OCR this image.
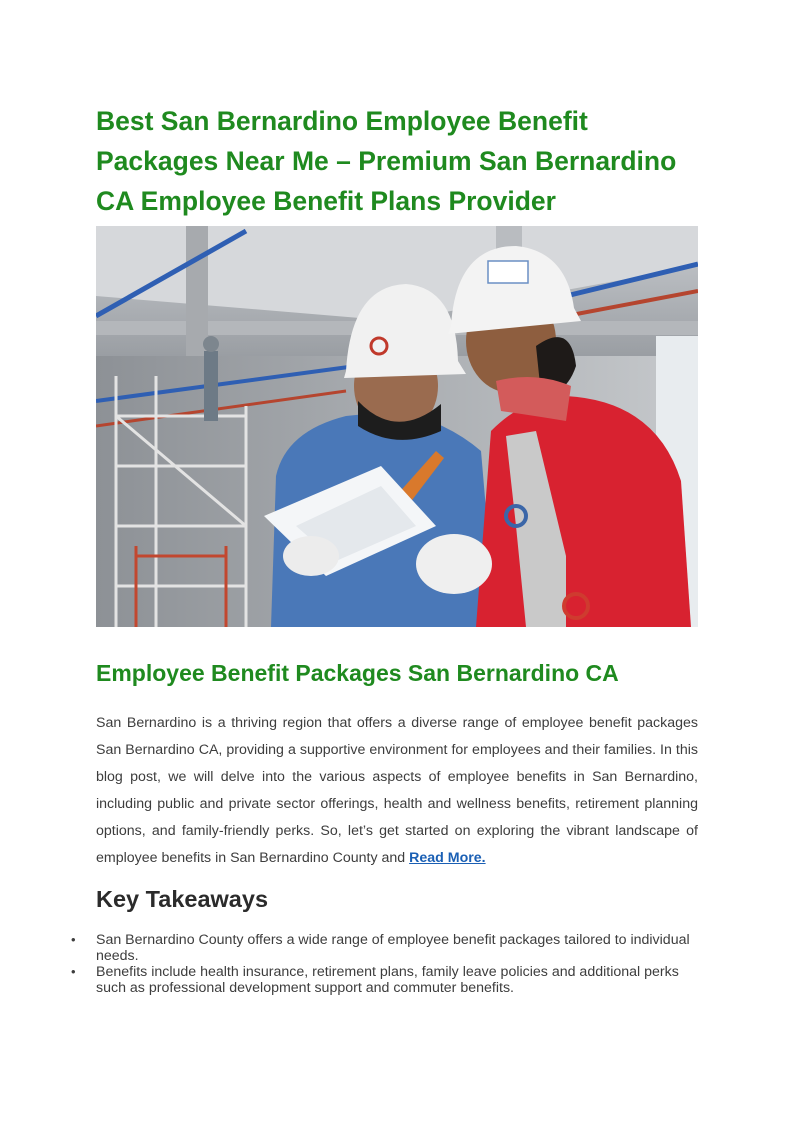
Best San Bernardino Employee Benefit Packages Near Me – Premium San Bernardino CA Employee Benefit Plans Provider
Employee Benefit Packages San Bernardino CA

San Bernardino is a thriving region that offers a diverse range of employee benefit packages San Bernardino CA, providing a supportive environment for employees and their families. In this blog post, we will delve into the various aspects of employee benefits in San Bernardino, including public and private sector offerings, health and wellness benefits, retirement planning options, and family-friendly perks. So, let’s get started on exploring the vibrant landscape of employee benefits in San Bernardino County and Read More.

Key Takeaways
• San Bernardino County offers a wide range of employee benefit packages tailored to individual needs.
• Benefits include health insurance, retirement plans, family leave policies and additional perks such as professional development support and commuter benefits.
